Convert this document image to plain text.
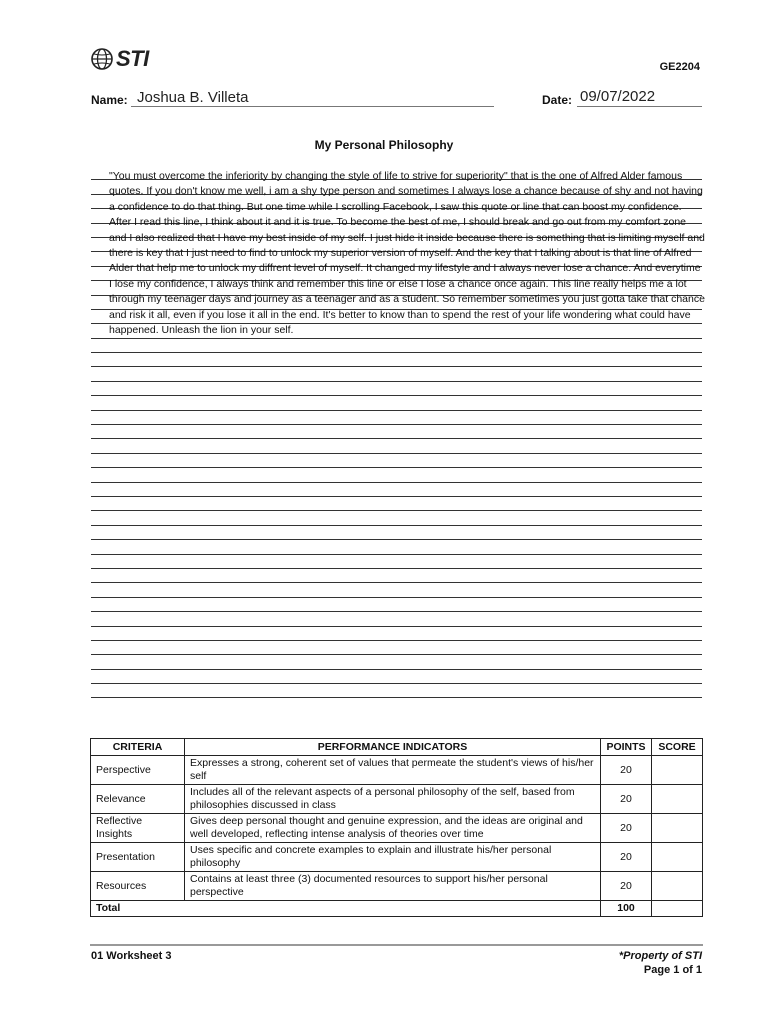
STI	GE2204
Name: Joshua B. Villeta	Date: 09/07/2022
My Personal Philosophy

"You must overcome the inferiority by changing the style of life to strive for superiority" that is the one of Alfred Alder famous quotes. If you don't know me well, i am a shy type person and sometimes I always lose a chance because of shy and not having a confidence to do that thing. But one time while I scrolling Facebook, I saw this quote or line that can boost my confidence. After I read this line, I think about it and it is true. To become the best of me, I should break and go out from my comfort zone and I also realized that I have my best inside of my self. I just hide it inside because there is something that is limiting myself and there is key that I just need to find to unlock my superior version of myself. And the key that I talking about is that line of Alfred Alder that help me to unlock my diffrent level of myself. It changed my lifestyle and I always never lose a chance. And everytime I lose my confidence, I always think and remember this line or else I lose a chance once again. This line really helps me a lot through my teenager days and journey as a teenager and as a student. So remember sometimes you just gotta take that chance and risk it all, even if you lose it all in the end. It's better to know than to spend the rest of your life wondering what could have happened. Unleash the lion in your self.

CRITERIA	PERFORMANCE INDICATORS	POINTS	SCORE
Perspective	Expresses a strong, coherent set of values that permeate the student's views of his/her self	20	
Relevance	Includes all of the relevant aspects of a personal philosophy of the self, based from philosophies discussed in class	20	
Reflective Insights	Gives deep personal thought and genuine expression, and the ideas are original and well developed, reflecting intense analysis of theories over time	20	
Presentation	Uses specific and concrete examples to explain and illustrate his/her personal philosophy	20	
Resources	Contains at least three (3) documented resources to support his/her personal perspective	20	
Total		100	
01 Worksheet 3	*Property of STI
Page 1 of 1
